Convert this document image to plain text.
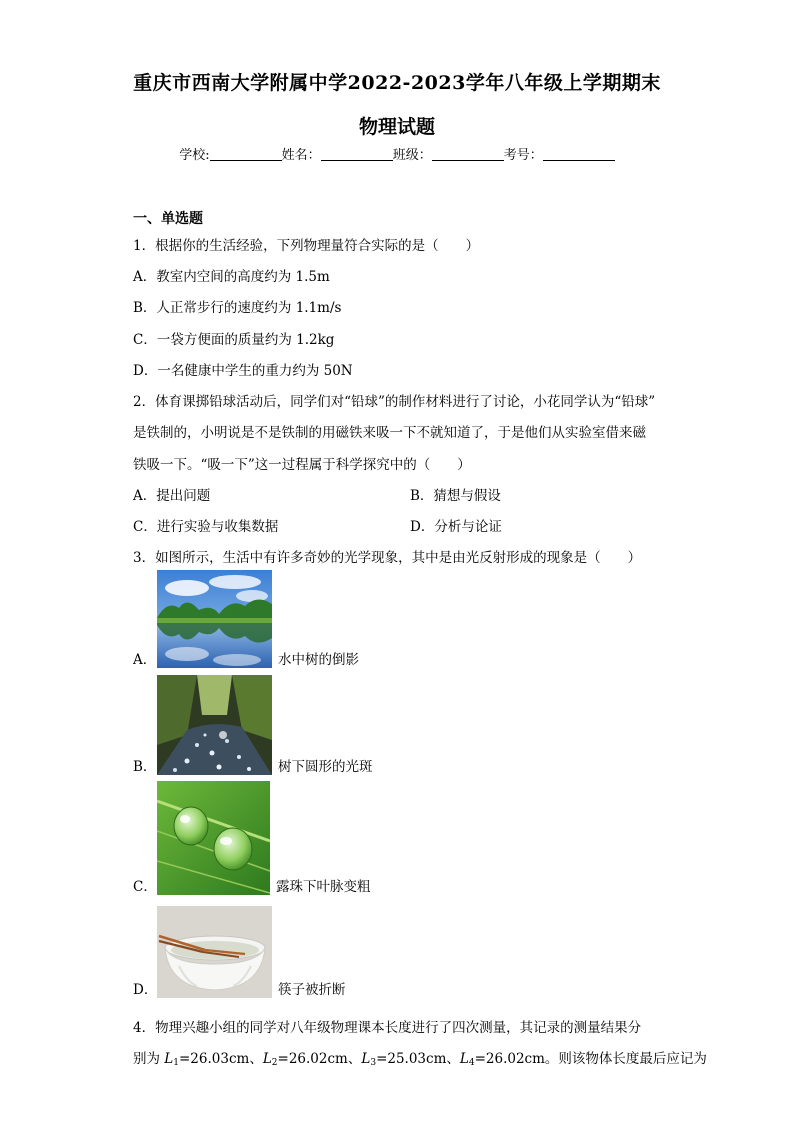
重庆市西南大学附属中学2022-2023学年八年级上学期期末
物理试题
学校:	姓名：	班级：	考号：
一、单选题
1．根据你的生活经验，下列物理量符合实际的是（　　）
A．教室内空间的高度约为 1.5m
B．人正常步行的速度约为 1.1m/s
C．一袋方便面的质量约为 1.2kg
D．一名健康中学生的重力约为 50N
2．体育课掷铅球活动后，同学们对“铅球”的制作材料进行了讨论，小花同学认为“铅球”
是铁制的，小明说是不是铁制的用磁铁来吸一下不就知道了，于是他们从实验室借来磁
铁吸一下。“吸一下”这一过程属于科学探究中的（　　）
A．提出问题	B．猜想与假设
C．进行实验与收集数据	D．分析与论证
3．如图所示，生活中有许多奇妙的光学现象，其中是由光反射形成的现象是（　　）
A．	水中树的倒影
B．	树下圆形的光斑
C．	露珠下叶脉变粗
D．	筷子被折断
4．物理兴趣小组的同学对八年级物理课本长度进行了四次测量，其记录的测量结果分
别为 $L_1=26.03cm$、$L_2=26.02cm$、$L_3=25.03cm$、$L_4=26.02cm$。则该物体长度最后应记为
